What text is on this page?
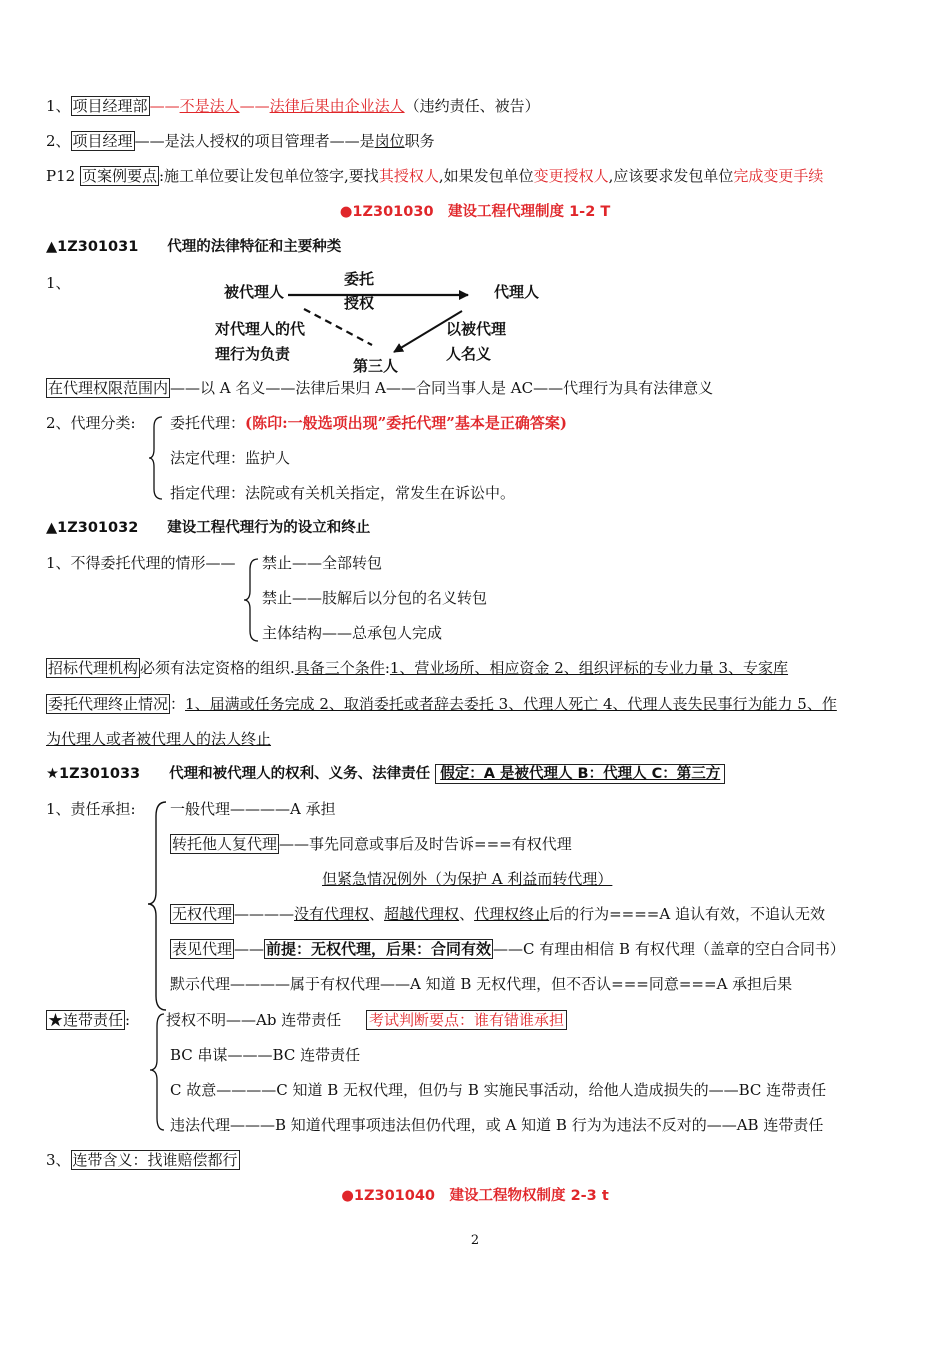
1、 项目经理部 ——不是法人——法律后果由企业法人（违约责任、被告）
2、 项目经理 ——是法人授权的项目管理者——是岗位职务
P12 页案例要点 :施工单位要让发包单位签字,要找其授权人,如果发包单位变更授权人,应该要求发包单位完成变更手续
●1Z301030　建设工程代理制度 1-2 T
▲1Z301031　　代理的法律特征和主要种类
1、	被代理人	代理人
委托
授权
对代理人的代
理行为负责
以被代理
人名义
第三人
在代理权限范围内 ——以 A 名义——法律后果归 A——合同当事人是 AC——代理行为具有法律意义
2、代理分类: 委托代理：(陈印:一般选项出现”委托代理”基本是正确答案)
法定代理：监护人
指定代理：法院或有关机关指定，常发生在诉讼中。
▲1Z301032　　建设工程代理行为的设立和终止
1、不得委托代理的情形—— 禁止——全部转包
禁止——肢解后以分包的名义转包
主体结构——总承包人完成
招标代理机构 必须有法定资格的组织.具备三个条件:1、营业场所、相应资金 2、组织评标的专业力量 3、专家库
委托代理终止情况 ：1、届满或任务完成 2、取消委托或者辞去委托 3、代理人死亡 4、代理人丧失民事行为能力 5、作
为代理人或者被代理人的法人终止
★1Z301033　　代理和被代理人的权利、义务、法律责任 假定：A 是被代理人 B：代理人 C：第三方
1、责任承担: 一般代理————A 承担
转托他人复代理 ——事先同意或事后及时告诉===有权代理
但紧急情况例外（为保护 A 利益而转代理）
无权代理 ————没有代理权、超越代理权、代理权终止后的行为====A 追认有效，不追认无效
表见代理 —— 前提：无权代理，后果：合同有效 ——C 有理由相信 B 有权代理（盖章的空白合同书）
默示代理————属于有权代理——A 知道 B 无权代理，但不否认===同意===A 承担后果
★连带责任 : 授权不明——Ab 连带责任 考试判断要点：谁有错谁承担
BC 串谋———BC 连带责任
C 故意————C 知道 B 无权代理，但仍与 B 实施民事活动，给他人造成损失的——BC 连带责任
违法代理———B 知道代理事项违法但仍代理，或 A 知道 B 行为为违法不反对的——AB 连带责任
3、 连带含义：找谁赔偿都行
●1Z301040　建设工程物权制度 2-3 t
2
